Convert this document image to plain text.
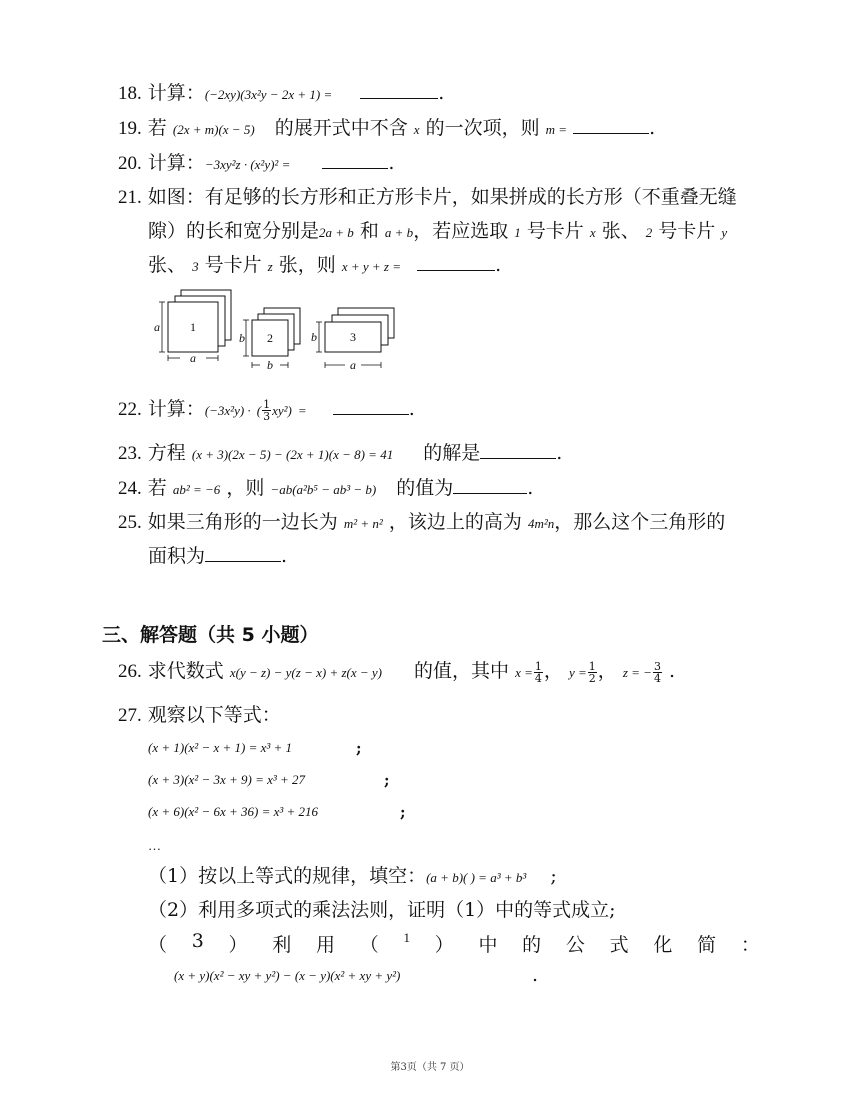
18. 计算：(−2xy)(3x²y − 2x + 1) =	.
19. 若 (2x + m)(x − 5) 的展开式中不含 x 的一次项，则 m =	.
20. 计算：−3xy²z · (x²y)² =	.
21. 如图：有足够的长方形和正方形卡片，如果拼成的长方形（不重叠无缝
隙）的长和宽分别是2a + b 和 a + b，若应选取 1 号卡片 x 张、 2 号卡片 y
张、 3 号卡片 z 张，则 x + y + z =	.
1
a
a
2
b
b
3
b
a
22. 计算：(−3x²y) · ( $\frac{1}{3} xy^2$) =	.
23. 方程 (x + 3)(2x − 5) − (2x + 1)(x − 8) = 41 的解是	.
24. 若 ab² = −6 ，则 −ab(a²b⁵ − ab³ − b) 的值为	.
25. 如果三角形的一边长为 m² + n² ，该边上的高为 4m²n，那么这个三角形的
面积为	.
三、解答题（共 5 小题）
26. 求代数式 x(y − z) − y(z − x) + z(x − y) 的值，其中 $x = \frac{1}{4}$ ， $y = \frac{1}{2}$ ， z = − $\frac{3}{4}$ .
27. 观察以下等式：
(x + 1)(x² − x + 1) = x³ + 1	;
(x + 3)(x² − 3x + 9) = x³ + 27	;
(x + 6)(x² − 6x + 36) = x³ + 216	;
…
（1）按以上等式的规律，填空：(a + b)( ) = a³ + b³ ;
（2）利用多项式的乘法法则，证明（1）中的等式成立;
（ 3 ） 利 用 （ 1 ） 中 的 公 式 化 简 ：
(x + y)(x² − xy + y²) − (x − y)(x² + xy + y²)	.
第3页（共 7 页）
